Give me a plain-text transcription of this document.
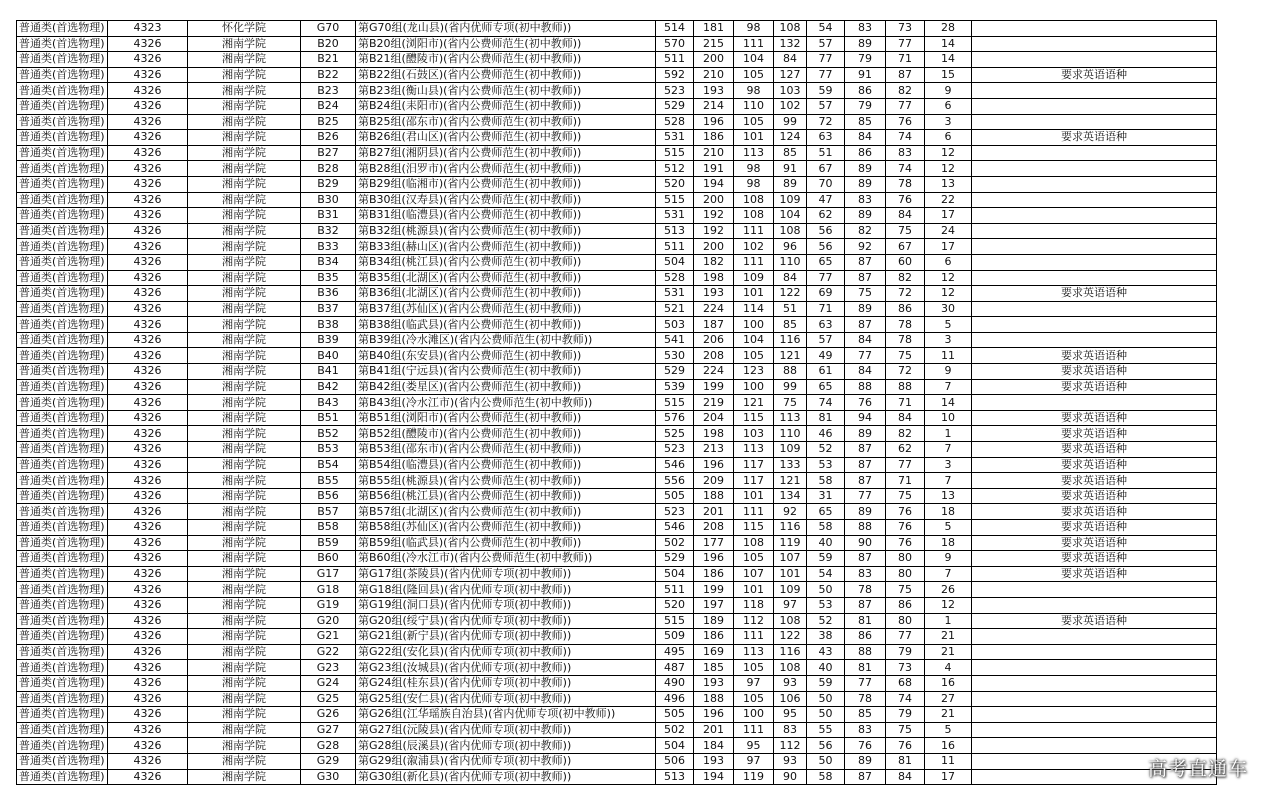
普通类(首选物理)	4323	怀化学院	G70	第G70组(龙山县)(省内优师专项(初中教师))	514	181	98	108	54	83	73	28	
普通类(首选物理)	4326	湘南学院	B20	第B20组(浏阳市)(省内公费师范生(初中教师))	570	215	111	132	57	89	77	14	
普通类(首选物理)	4326	湘南学院	B21	第B21组(醴陵市)(省内公费师范生(初中教师))	511	200	104	84	77	79	71	14	
普通类(首选物理)	4326	湘南学院	B22	第B22组(石鼓区)(省内公费师范生(初中教师))	592	210	105	127	77	91	87	15	要求英语语种
普通类(首选物理)	4326	湘南学院	B23	第B23组(衡山县)(省内公费师范生(初中教师))	523	193	98	103	59	86	82	9	
普通类(首选物理)	4326	湘南学院	B24	第B24组(耒阳市)(省内公费师范生(初中教师))	529	214	110	102	57	79	77	6	
普通类(首选物理)	4326	湘南学院	B25	第B25组(邵东市)(省内公费师范生(初中教师))	528	196	105	99	72	85	76	3	
普通类(首选物理)	4326	湘南学院	B26	第B26组(君山区)(省内公费师范生(初中教师))	531	186	101	124	63	84	74	6	要求英语语种
普通类(首选物理)	4326	湘南学院	B27	第B27组(湘阴县)(省内公费师范生(初中教师))	515	210	113	85	51	86	83	12	
普通类(首选物理)	4326	湘南学院	B28	第B28组(汨罗市)(省内公费师范生(初中教师))	512	191	98	91	67	89	74	12	
普通类(首选物理)	4326	湘南学院	B29	第B29组(临湘市)(省内公费师范生(初中教师))	520	194	98	89	70	89	78	13	
普通类(首选物理)	4326	湘南学院	B30	第B30组(汉寿县)(省内公费师范生(初中教师))	515	200	108	109	47	83	76	22	
普通类(首选物理)	4326	湘南学院	B31	第B31组(临澧县)(省内公费师范生(初中教师))	531	192	108	104	62	89	84	17	
普通类(首选物理)	4326	湘南学院	B32	第B32组(桃源县)(省内公费师范生(初中教师))	513	192	111	108	56	82	75	24	
普通类(首选物理)	4326	湘南学院	B33	第B33组(赫山区)(省内公费师范生(初中教师))	511	200	102	96	56	92	67	17	
普通类(首选物理)	4326	湘南学院	B34	第B34组(桃江县)(省内公费师范生(初中教师))	504	182	111	110	65	87	60	6	
普通类(首选物理)	4326	湘南学院	B35	第B35组(北湖区)(省内公费师范生(初中教师))	528	198	109	84	77	87	82	12	
普通类(首选物理)	4326	湘南学院	B36	第B36组(北湖区)(省内公费师范生(初中教师))	531	193	101	122	69	75	72	12	要求英语语种
普通类(首选物理)	4326	湘南学院	B37	第B37组(苏仙区)(省内公费师范生(初中教师))	521	224	114	51	71	89	86	30	
普通类(首选物理)	4326	湘南学院	B38	第B38组(临武县)(省内公费师范生(初中教师))	503	187	100	85	63	87	78	5	
普通类(首选物理)	4326	湘南学院	B39	第B39组(冷水滩区)(省内公费师范生(初中教师))	541	206	104	116	57	84	78	3	
普通类(首选物理)	4326	湘南学院	B40	第B40组(东安县)(省内公费师范生(初中教师))	530	208	105	121	49	77	75	11	要求英语语种
普通类(首选物理)	4326	湘南学院	B41	第B41组(宁远县)(省内公费师范生(初中教师))	529	224	123	88	61	84	72	9	要求英语语种
普通类(首选物理)	4326	湘南学院	B42	第B42组(娄星区)(省内公费师范生(初中教师))	539	199	100	99	65	88	88	7	要求英语语种
普通类(首选物理)	4326	湘南学院	B43	第B43组(冷水江市)(省内公费师范生(初中教师))	515	219	121	75	74	76	71	14	
普通类(首选物理)	4326	湘南学院	B51	第B51组(浏阳市)(省内公费师范生(初中教师))	576	204	115	113	81	94	84	10	要求英语语种
普通类(首选物理)	4326	湘南学院	B52	第B52组(醴陵市)(省内公费师范生(初中教师))	525	198	103	110	46	89	82	1	要求英语语种
普通类(首选物理)	4326	湘南学院	B53	第B53组(邵东市)(省内公费师范生(初中教师))	523	213	113	109	52	87	62	7	要求英语语种
普通类(首选物理)	4326	湘南学院	B54	第B54组(临澧县)(省内公费师范生(初中教师))	546	196	117	133	53	87	77	3	要求英语语种
普通类(首选物理)	4326	湘南学院	B55	第B55组(桃源县)(省内公费师范生(初中教师))	556	209	117	121	58	87	71	7	要求英语语种
普通类(首选物理)	4326	湘南学院	B56	第B56组(桃江县)(省内公费师范生(初中教师))	505	188	101	134	31	77	75	13	要求英语语种
普通类(首选物理)	4326	湘南学院	B57	第B57组(北湖区)(省内公费师范生(初中教师))	523	201	111	92	65	89	76	18	要求英语语种
普通类(首选物理)	4326	湘南学院	B58	第B58组(苏仙区)(省内公费师范生(初中教师))	546	208	115	116	58	88	76	5	要求英语语种
普通类(首选物理)	4326	湘南学院	B59	第B59组(临武县)(省内公费师范生(初中教师))	502	177	108	119	40	90	76	18	要求英语语种
普通类(首选物理)	4326	湘南学院	B60	第B60组(冷水江市)(省内公费师范生(初中教师))	529	196	105	107	59	87	80	9	要求英语语种
普通类(首选物理)	4326	湘南学院	G17	第G17组(茶陵县)(省内优师专项(初中教师))	504	186	107	101	54	83	80	7	要求英语语种
普通类(首选物理)	4326	湘南学院	G18	第G18组(隆回县)(省内优师专项(初中教师))	511	199	101	109	50	78	75	26	
普通类(首选物理)	4326	湘南学院	G19	第G19组(洞口县)(省内优师专项(初中教师))	520	197	118	97	53	87	86	12	
普通类(首选物理)	4326	湘南学院	G20	第G20组(绥宁县)(省内优师专项(初中教师))	515	189	112	108	52	81	80	1	要求英语语种
普通类(首选物理)	4326	湘南学院	G21	第G21组(新宁县)(省内优师专项(初中教师))	509	186	111	122	38	86	77	21	
普通类(首选物理)	4326	湘南学院	G22	第G22组(安化县)(省内优师专项(初中教师))	495	169	113	116	43	88	79	21	
普通类(首选物理)	4326	湘南学院	G23	第G23组(汝城县)(省内优师专项(初中教师))	487	185	105	108	40	81	73	4	
普通类(首选物理)	4326	湘南学院	G24	第G24组(桂东县)(省内优师专项(初中教师))	490	193	97	93	59	77	68	16	
普通类(首选物理)	4326	湘南学院	G25	第G25组(安仁县)(省内优师专项(初中教师))	496	188	105	106	50	78	74	27	
普通类(首选物理)	4326	湘南学院	G26	第G26组(江华瑶族自治县)(省内优师专项(初中教师))	505	196	100	95	50	85	79	21	
普通类(首选物理)	4326	湘南学院	G27	第G27组(沅陵县)(省内优师专项(初中教师))	502	201	111	83	55	83	75	5	
普通类(首选物理)	4326	湘南学院	G28	第G28组(辰溪县)(省内优师专项(初中教师))	504	184	95	112	56	76	76	16	
普通类(首选物理)	4326	湘南学院	G29	第G29组(溆浦县)(省内优师专项(初中教师))	506	193	97	93	50	89	81	11	
普通类(首选物理)	4326	湘南学院	G30	第G30组(新化县)(省内优师专项(初中教师))	513	194	119	90	58	87	84	17		高考直通车
